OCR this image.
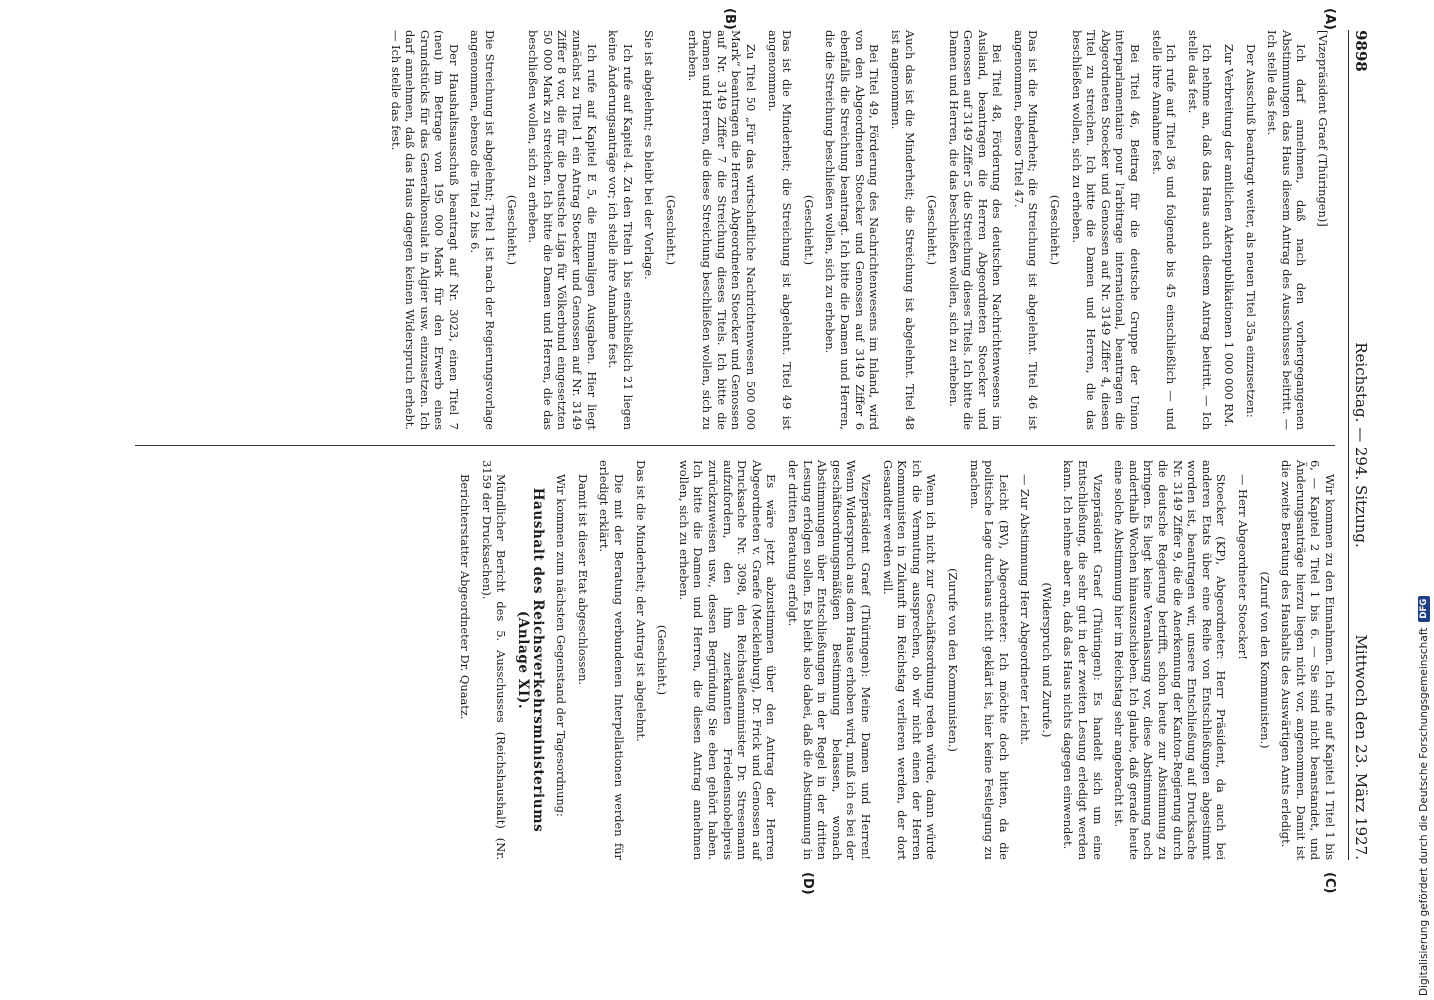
9898
Reichstag. — 294. Sitzung.
Mittwoch den 23. März 1927.
(A)
(B)
(C)
(D)

[Vizepräsident Graef (Thüringen)]

Ich darf annehmen, daß nach den vorhergegangenen Abstimmungen das Haus diesem Antrag des Ausschusses beitritt. — Ich stelle das fest.

Der Ausschuß beantragt weiter, als neuen Titel 35a einzusetzen:

Zur Verbreitung der amtlichen Aktenpublikationen 1 000 000 RM.

Ich nehme an, daß das Haus auch diesem Antrag beitritt. — Ich stelle das fest.

Ich rufe auf Titel 36 und folgende bis 45 einschließlich — und stelle ihre Annahme fest.

Bei Titel 46, Beitrag für die deutsche Gruppe der Union interparlamentaire pour l'arbitrage international, beantragen die Abgeordneten Stoecker und Genossen auf Nr. 3149 Ziffer 4, diesen Titel zu streichen. Ich bitte die Damen und Herren, die das beschließen wollen, sich zu erheben.

(Geschieht.)

Das ist die Minderheit; die Streichung ist abgelehnt. Titel 46 ist angenommen, ebenso Titel 47.

Bei Titel 48, Förderung des deutschen Nachrichtenwesens im Ausland, beantragen die Herren Abgeordneten Stoecker und Genossen auf 3149 Ziffer 5 die Streichung dieses Titels. Ich bitte die Damen und Herren, die das beschließen wollen, sich zu erheben.

(Geschieht.)

Auch das ist die Minderheit; die Streichung ist abgelehnt. Titel 48 ist angenommen.

Bei Titel 49, Förderung des Nachrichtenwesens im Inland, wird von den Abgeordneten Stoecker und Genossen auf 3149 Ziffer 6 ebenfalls die Streichung beantragt. Ich bitte die Damen und Herren, die die Streichung beschließen wollen, sich zu erheben.

(Geschieht.)

Das ist die Minderheit; die Streichung ist abgelehnt. Titel 49 ist angenommen.

Zu Titel 50 „Für das wirtschaftliche Nachrichtenwesen 500 000 Mark“ beantragen die Herren Abgeordneten Stoecker und Genossen auf Nr. 3149 Ziffer 7 die Streichung dieses Titels. Ich bitte die Damen und Herren, die diese Streichung beschließen wollen, sich zu erheben.

(Geschieht.)

Sie ist abgelehnt; es bleibt bei der Vorlage.

Ich rufe auf Kapitel 4. Zu den Titeln 1 bis einschließlich 21 liegen keine Änderungsanträge vor; ich stelle ihre Annahme fest.

Ich rufe auf Kapitel E 5, die Einmaligen Ausgaben. Hier liegt zunächst zu Titel 1 ein Antrag Stoecker und Genossen auf Nr. 3149 Ziffer 8 vor, die für die Deutsche Liga für Völkerbund eingesetzten 50 000 Mark zu streichen. Ich bitte die Damen und Herren, die das beschließen wollen, sich zu erheben.

(Geschieht.)

Die Streichung ist abgelehnt; Titel 1 ist nach der Regierungsvorlage angenommen, ebenso die Titel 2 bis 6.

Der Haushaltsausschuß beantragt auf Nr. 3023, einen Titel 7 (neu) im Betrage von 195 000 Mark für den Erwerb eines Grundstücks für das Generalkonsulat in Algier usw. einzusetzen. Ich darf annehmen, daß das Haus dagegen keinen Widerspruch erhebt. — Ich stelle das fest.

Wir kommen zu den Einnahmen. Ich rufe auf Kapitel 1 Titel 1 bis 6, — Kapitel 2 Titel 1 bis 6. — Sie sind nicht beanstandet, und Änderungsanträge hierzu liegen nicht vor, angenommen. Damit ist die zweite Beratung des Haushalts des Auswärtigen Amts erledigt.

(Zuruf von den Kommunisten.)

— Herr Abgeordneter Stoecker!

Stoecker (KP), Abgeordneter: Herr Präsident, da auch bei anderen Etats über eine Reihe von Entschließungen abgestimmt worden ist, beantragen wir, unsere Entschließung auf Drucksache Nr. 3149 Ziffer 9, die die Anerkennung der Kanton-Regierung durch die deutsche Regierung betrifft, schon heute zur Abstimmung zu bringen. Es liegt keine Veranlassung vor, diese Abstimmung noch anderthalb Wochen hinauszuschieben. Ich glaube, daß gerade heute eine solche Abstimmung hier im Reichstag sehr angebracht ist.

Vizepräsident Graef (Thüringen): Es handelt sich um eine Entschließung, die sehr gut in der zweiten Lesung erledigt werden kann. Ich nehme aber an, daß das Haus nichts dagegen einwendet.

(Widerspruch und Zurufe.)

— Zur Abstimmung Herr Abgeordneter Leicht.

Leicht (BV), Abgeordneter: Ich möchte doch bitten, da die politische Lage durchaus nicht geklärt ist, hier keine Festlegung zu machen.

(Zurufe von den Kommunisten.)

Wenn ich nicht zur Geschäftsordnung reden würde, dann würde ich die Vermutung aussprechen, ob wir nicht einen der Herren Kommunisten in Zukunft im Reichstag verlieren werden, der dort Gesandter werden will.

Vizepräsident Graef (Thüringen): Meine Damen und Herren! Wenn Widerspruch aus dem Hause erhoben wird, muß ich es bei der geschäftsordnungsmäßigen Bestimmung belassen, wonach Abstimmungen über Entschließungen in der Regel in der dritten Lesung erfolgen sollen. Es bleibt also dabei, daß die Abstimmung in der dritten Beratung erfolgt.

Es wäre jetzt abzustimmen über den Antrag der Herren Abgeordneten v. Graefe (Mecklenburg), Dr. Frick und Genossen auf Drucksache Nr. 3098, den Reichsaußenminister Dr. Stresemann aufzufordern, den ihm zuerkannten Friedensnobelpreis zurückzuweisen usw., dessen Begründung Sie eben gehört haben. Ich bitte die Damen und Herren, die diesen Antrag annehmen wollen, sich zu erheben.

(Geschieht.)

Das ist die Minderheit; der Antrag ist abgelehnt.

Die mit der Beratung verbundenen Interpellationen werden für erledigt erklärt.

Damit ist dieser Etat abgeschlossen.

Wir kommen zum nächsten Gegenstand der Tagesordnung:

Haushalt des Reichsverkehrsministeriums (Anlage XI).

Mündlicher Bericht des 5. Ausschusses (Reichshaushalt) (Nr. 3159 der Drucksachen).

Berichterstatter Abgeordneter Dr. Quaatz.

Digitalisierung gefördert durch die Deutsche Forschungsgemeinschaft
DFG
